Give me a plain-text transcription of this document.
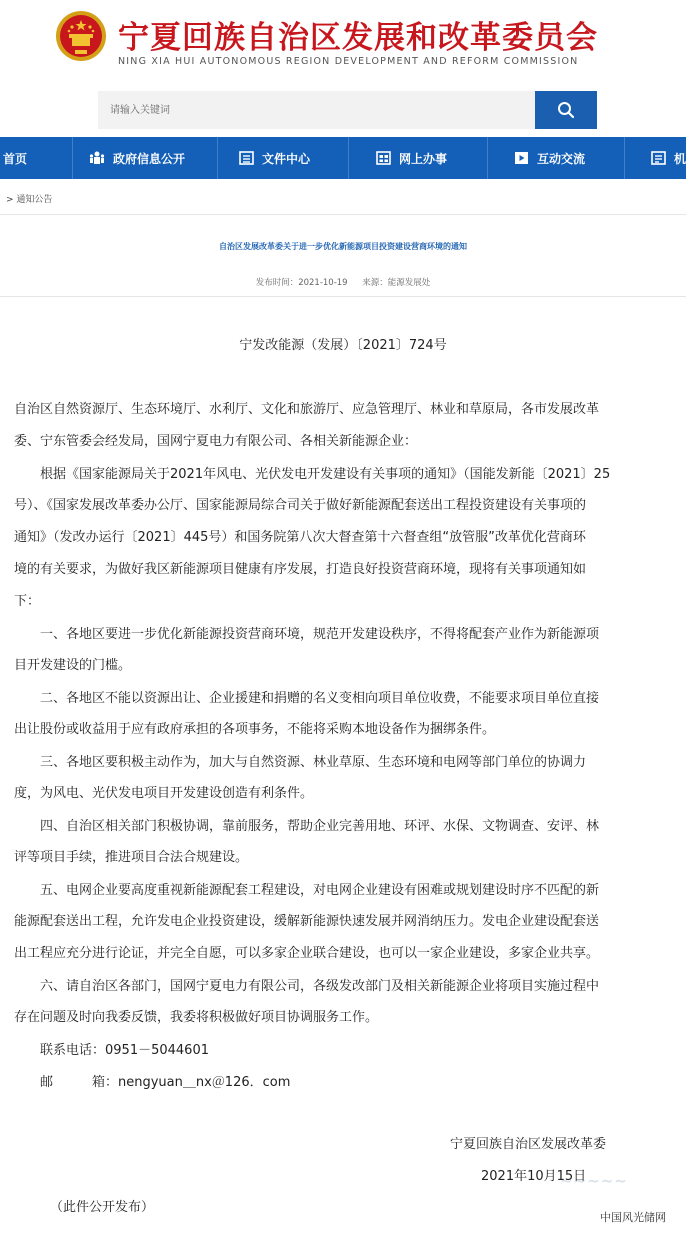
宁夏回族自治区发展和改革委员会
NING XIA HUI AUTONOMOUS REGION DEVELOPMENT AND REFORM COMMISSION
请输入关键词
首页	政府信息公开	文件中心	网上办事	互动交流	机
> 通知公告
自治区发展改革委关于进一步优化新能源项目投资建设营商环境的通知
发布时间：2021-10-19 来源：能源发展处
宁发改能源（发展）〔2021〕724号
自治区自然资源厅、生态环境厅、水利厅、文化和旅游厅、应急管理厅、林业和草原局，各市发展改革
委、宁东管委会经发局，国网宁夏电力有限公司、各相关新能源企业：
　　根据《国家能源局关于2021年风电、光伏发电开发建设有关事项的通知》（国能发新能〔2021〕25
号）、《国家发展改革委办公厅、国家能源局综合司关于做好新能源配套送出工程投资建设有关事项的
通知》（发改办运行〔2021〕445号）和国务院第八次大督查第十六督查组“放管服”改革优化营商环
境的有关要求，为做好我区新能源项目健康有序发展，打造良好投资营商环境，现将有关事项通知如
下：
　　一、各地区要进一步优化新能源投资营商环境，规范开发建设秩序，不得将配套产业作为新能源项
目开发建设的门槛。
　　二、各地区不能以资源出让、企业援建和捐赠的名义变相向项目单位收费，不能要求项目单位直接
出让股份或收益用于应有政府承担的各项事务，不能将采购本地设备作为捆绑条件。
　　三、各地区要积极主动作为，加大与自然资源、林业草原、生态环境和电网等部门单位的协调力
度，为风电、光伏发电项目开发建设创造有利条件。
　　四、自治区相关部门积极协调，靠前服务，帮助企业完善用地、环评、水保、文物调查、安评、林
评等项目手续，推进项目合法合规建设。
　　五、电网企业要高度重视新能源配套工程建设，对电网企业建设有困难或规划建设时序不匹配的新
能源配套送出工程，允许发电企业投资建设，缓解新能源快速发展并网消纳压力。发电企业建设配套送
出工程应充分进行论证，并完全自愿，可以多家企业联合建设，也可以一家企业建设，多家企业共享。
　　六、请自治区各部门，国网宁夏电力有限公司，各级发改部门及相关新能源企业将项目实施过程中
存在问题及时向我委反馈，我委将积极做好项目协调服务工作。
　　联系电话：0951－5044601
　　邮　　　箱：nengyuan＿nx＠126．com
宁夏回族自治区发展改革委
2021年10月15日
（此件公开发布）
~~~~~
中国风光储网
